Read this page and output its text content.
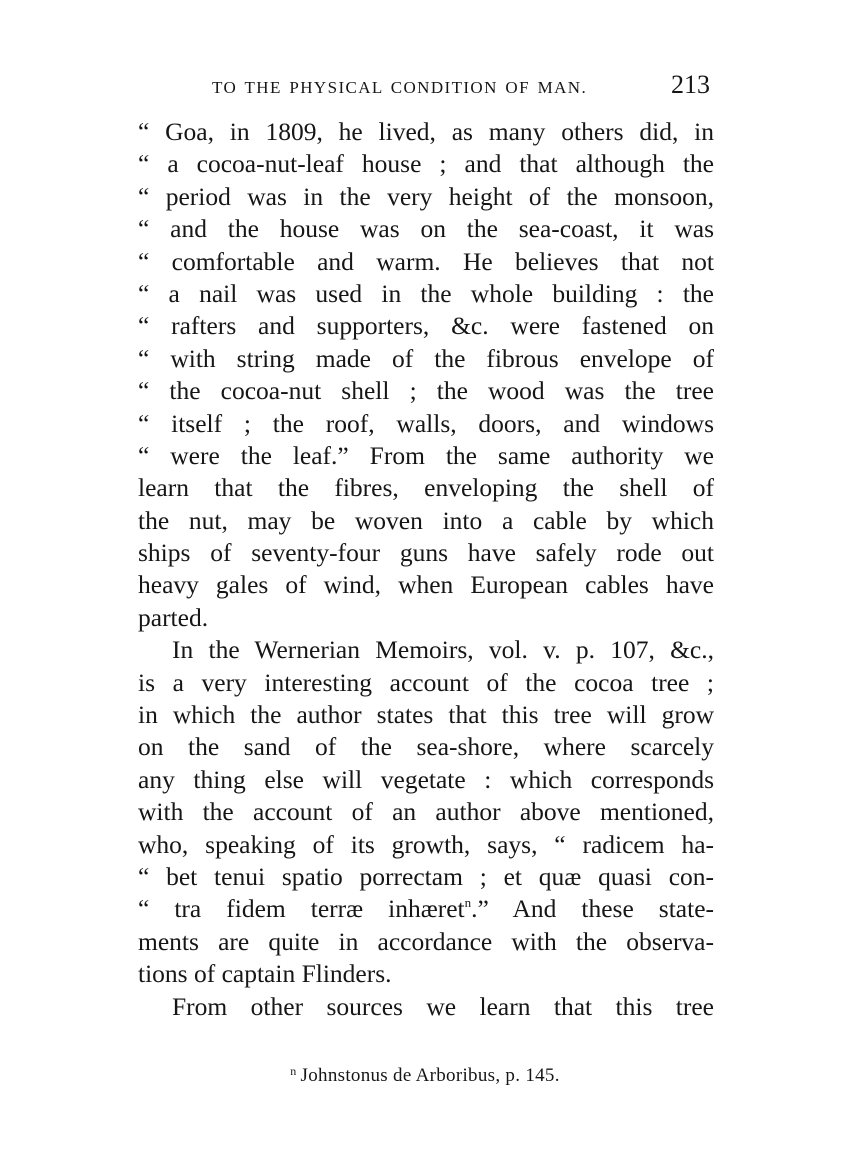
TO THE PHYSICAL CONDITION OF MAN.	213
“ Goa, in 1809, he lived, as many others did, in
“ a cocoa-nut-leaf house ; and that although the
“ period was in the very height of the monsoon,
“ and the house was on the sea-coast, it was
“ comfortable and warm. He believes that not
“ a nail was used in the whole building : the
“ rafters and supporters, &c. were fastened on
“ with string made of the fibrous envelope of
“ the cocoa-nut shell ; the wood was the tree
“ itself ; the roof, walls, doors, and windows
“ were the leaf.” From the same authority we
learn that the fibres, enveloping the shell of
the nut, may be woven into a cable by which
ships of seventy-four guns have safely rode out
heavy gales of wind, when European cables have
parted.
In the Wernerian Memoirs, vol. v. p. 107, &c.,
is a very interesting account of the cocoa tree ;
in which the author states that this tree will grow
on the sand of the sea-shore, where scarcely
any thing else will vegetate : which corresponds
with the account of an author above mentioned,
who, speaking of its growth, says, “ radicem ha-
“ bet tenui spatio porrectam ; et quæ quasi con-
“ tra fidem terræ inhæret$^n$.” And these state-
ments are quite in accordance with the observa-
tions of captain Flinders.
From other sources we learn that this tree
$^n$ Johnstonus de Arboribus, p. 145.
